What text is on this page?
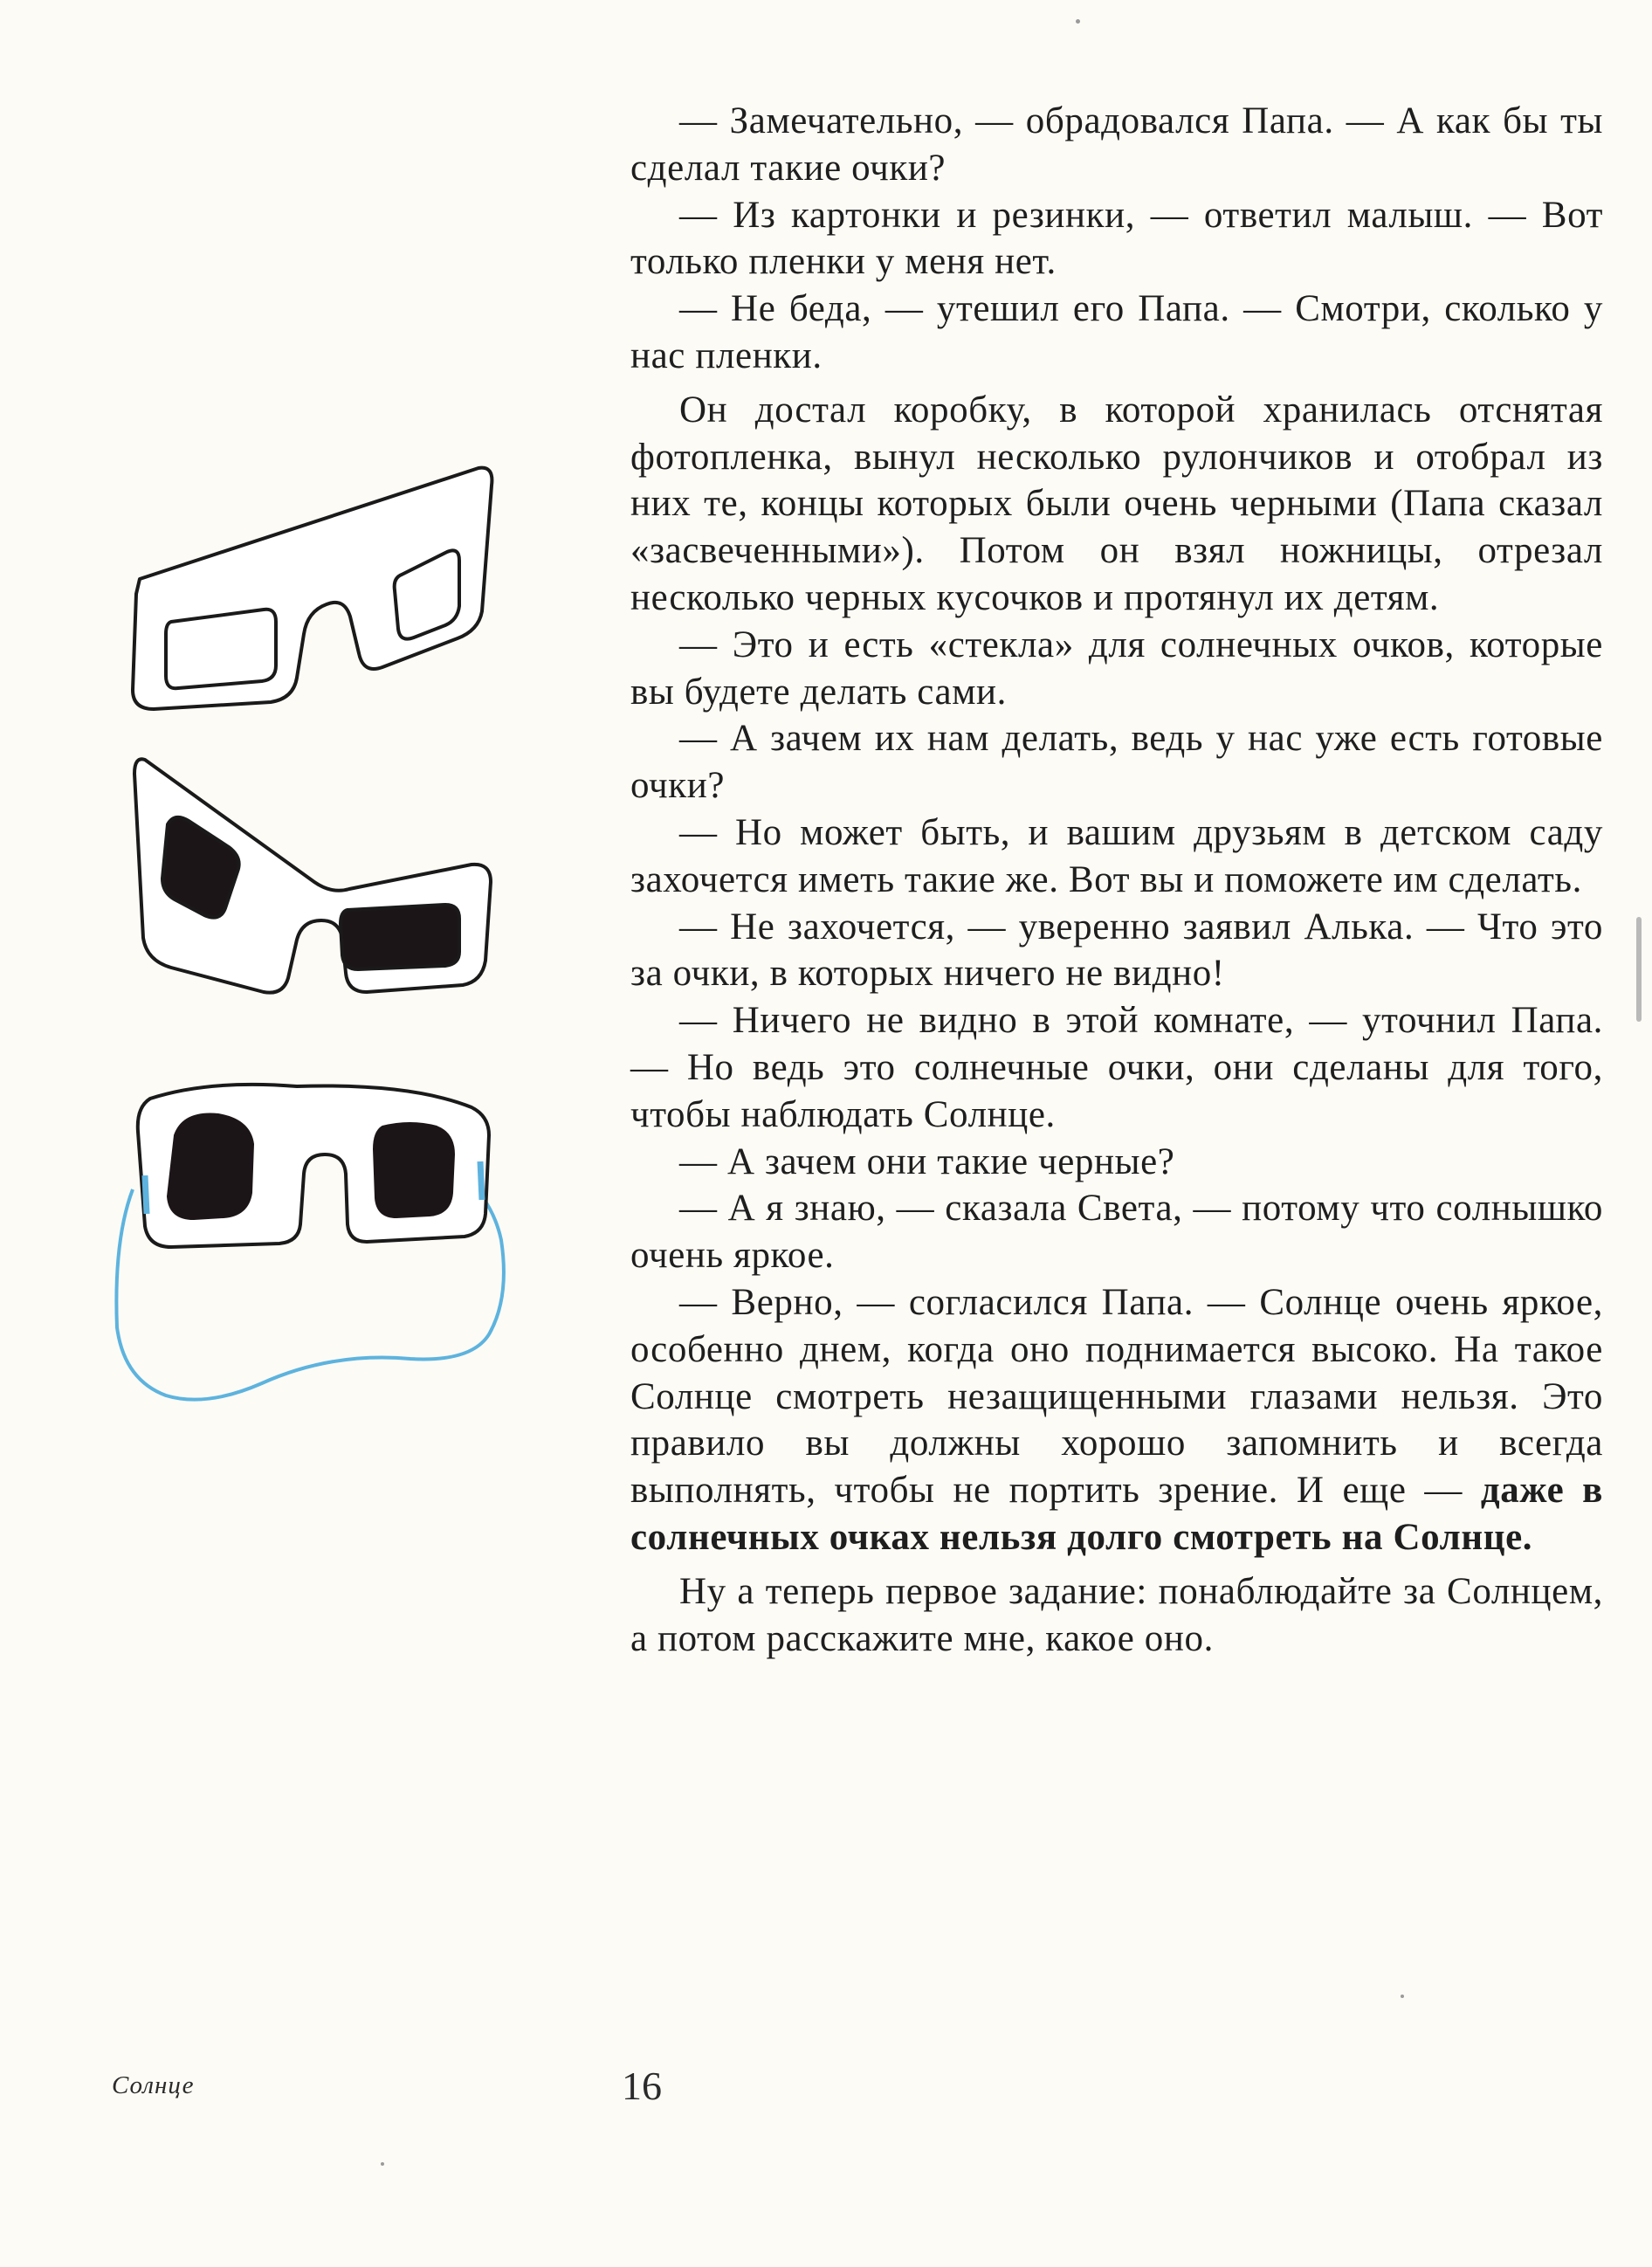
— Замечательно, — обрадовался Папа. — А как бы ты сделал такие очки?

— Из картонки и резинки, — ответил малыш. — Вот только пленки у меня нет.

— Не беда, — утешил его Папа. — Смотри, сколько у нас пленки.

Он достал коробку, в которой хранилась отснятая фотопленка, вынул несколько рулончиков и отобрал из них те, концы которых были очень черными (Папа сказал «засвеченными»). Потом он взял ножницы, отрезал несколько черных кусочков и протянул их детям.

— Это и есть «стекла» для солнечных очков, которые вы будете делать сами.

— А зачем их нам делать, ведь у нас уже есть готовые очки?

— Но может быть, и вашим друзьям в детском саду захочется иметь такие же. Вот вы и поможете им сделать.

— Не захочется, — уверенно заявил Алька. — Что это за очки, в которых ничего не видно!

— Ничего не видно в этой комнате, — уточнил Папа. — Но ведь это солнечные очки, они сделаны для того, чтобы наблюдать Солнце.

— А зачем они такие черные?

— А я знаю, — сказала Света, — потому что солнышко очень яркое.

— Верно, — согласился Папа. — Солнце очень яркое, особенно днем, когда оно поднимается высоко. На такое Солнце смотреть незащищенными глазами нельзя. Это правило вы должны хорошо запомнить и всегда выполнять, чтобы не портить зрение. И еще — даже в солнечных очках нельзя долго смотреть на Солнце.

Ну а теперь первое задание: понаблюдайте за Солнцем, а потом расскажите мне, какое оно.

Солнце	16
